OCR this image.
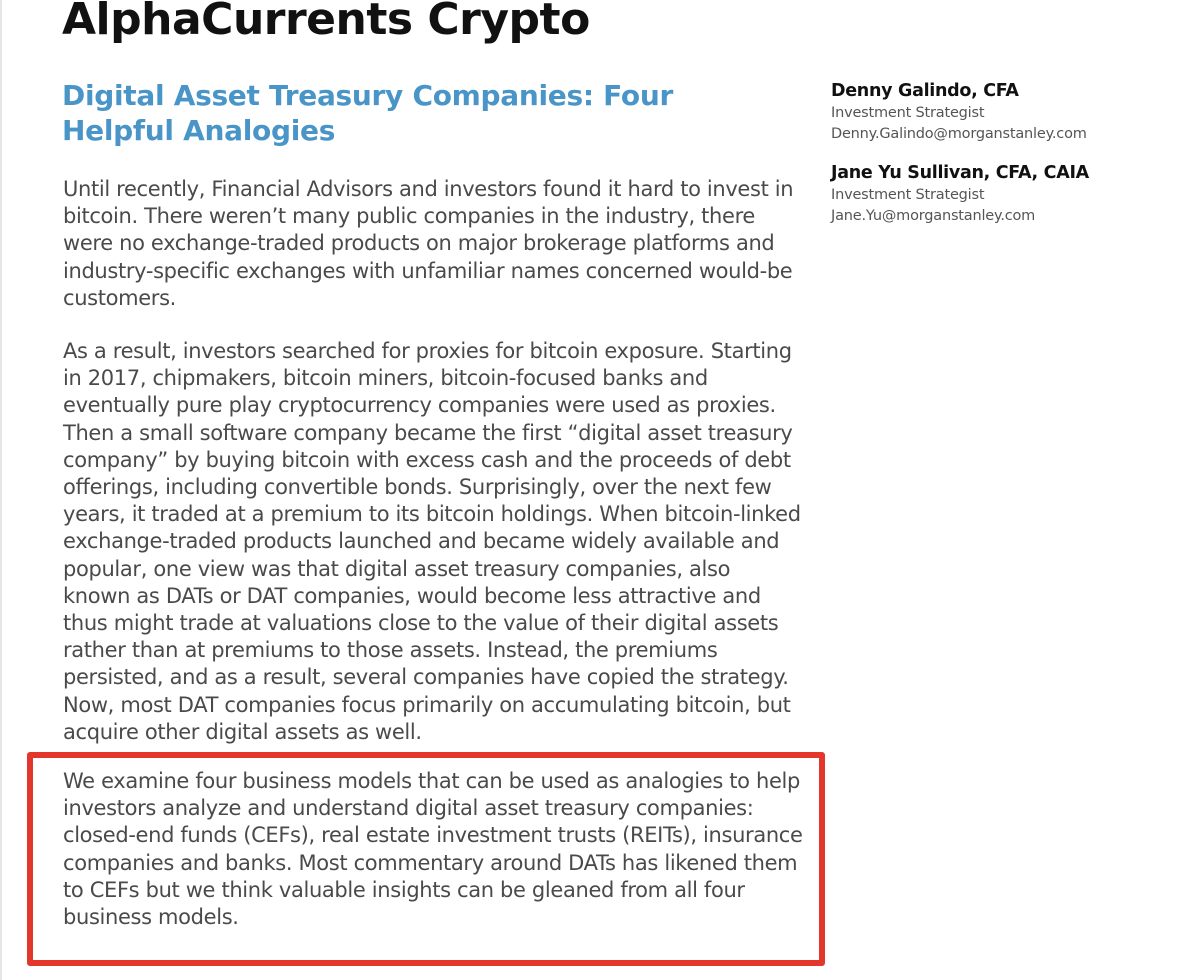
AlphaCurrents Crypto
Digital Asset Treasury Companies: Four Helpful Analogies
Until recently, Financial Advisors and investors found it hard to invest in bitcoin. There weren’t many public companies in the industry, there were no exchange-traded products on major brokerage platforms and industry-specific exchanges with unfamiliar names concerned would-be customers.
As a result, investors searched for proxies for bitcoin exposure. Starting in 2017, chipmakers, bitcoin miners, bitcoin-focused banks and eventually pure play cryptocurrency companies were used as proxies. Then a small software company became the first “digital asset treasury company” by buying bitcoin with excess cash and the proceeds of debt offerings, including convertible bonds. Surprisingly, over the next few years, it traded at a premium to its bitcoin holdings. When bitcoin-linked exchange-traded products launched and became widely available and popular, one view was that digital asset treasury companies, also known as DATs or DAT companies, would become less attractive and thus might trade at valuations close to the value of their digital assets rather than at premiums to those assets. Instead, the premiums persisted, and as a result, several companies have copied the strategy. Now, most DAT companies focus primarily on accumulating bitcoin, but acquire other digital assets as well.
We examine four business models that can be used as analogies to help investors analyze and understand digital asset treasury companies: closed-end funds (CEFs), real estate investment trusts (REITs), insurance companies and banks. Most commentary around DATs has likened them to CEFs but we think valuable insights can be gleaned from all four business models.
Denny Galindo, CFA
Investment Strategist
Denny.Galindo@morganstanley.com
Jane Yu Sullivan, CFA, CAIA
Investment Strategist
Jane.Yu@morganstanley.com
